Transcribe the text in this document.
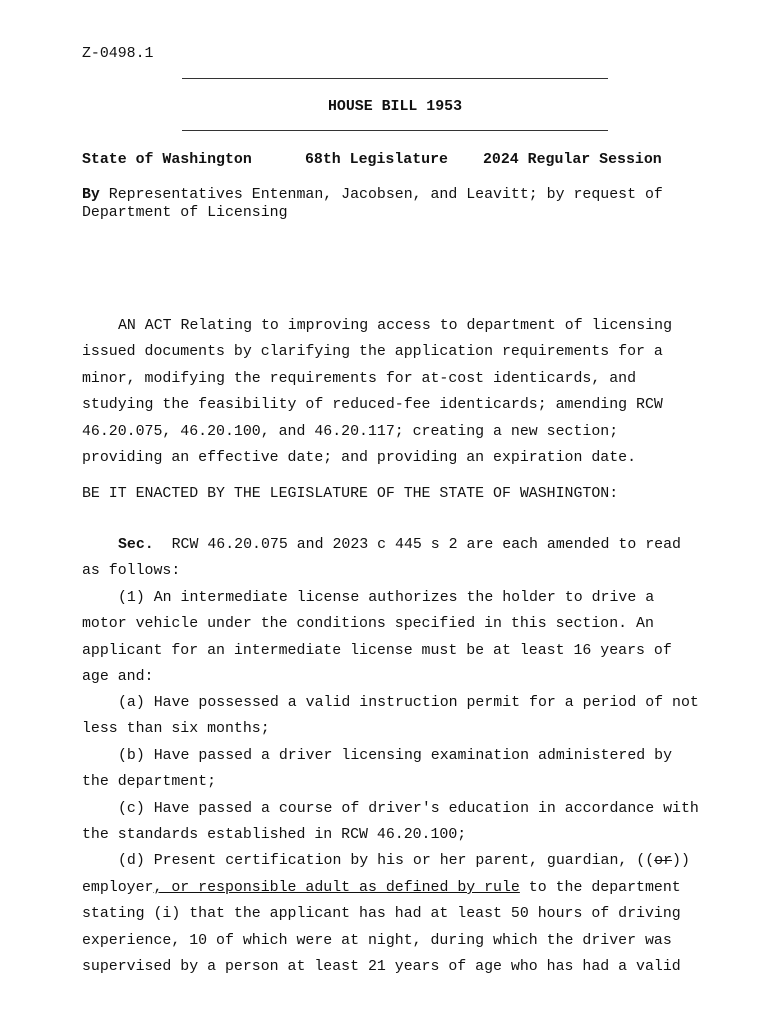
Z-0498.1
HOUSE BILL 1953
State of Washington	68th Legislature 2024 Regular Session
By Representatives Entenman, Jacobsen, and Leavitt; by request of
Department of Licensing
AN ACT Relating to improving access to department of licensing
issued documents by clarifying the application requirements for a
minor, modifying the requirements for at-cost identicards, and
studying the feasibility of reduced-fee identicards; amending RCW
46.20.075, 46.20.100, and 46.20.117; creating a new section;
providing an effective date; and providing an expiration date.
BE IT ENACTED BY THE LEGISLATURE OF THE STATE OF WASHINGTON:
Sec.  RCW 46.20.075 and 2023 c 445 s 2 are each amended to read
as follows:
(1) An intermediate license authorizes the holder to drive a
motor vehicle under the conditions specified in this section. An
applicant for an intermediate license must be at least 16 years of
age and:
(a) Have possessed a valid instruction permit for a period of not
less than six months;
(b) Have passed a driver licensing examination administered by
the department;
(c) Have passed a course of driver's education in accordance with
the standards established in RCW 46.20.100;
(d) Present certification by his or her parent, guardian, ((or))
employer, or responsible adult as defined by rule to the department
stating (i) that the applicant has had at least 50 hours of driving
experience, 10 of which were at night, during which the driver was
supervised by a person at least 21 years of age who has had a valid
